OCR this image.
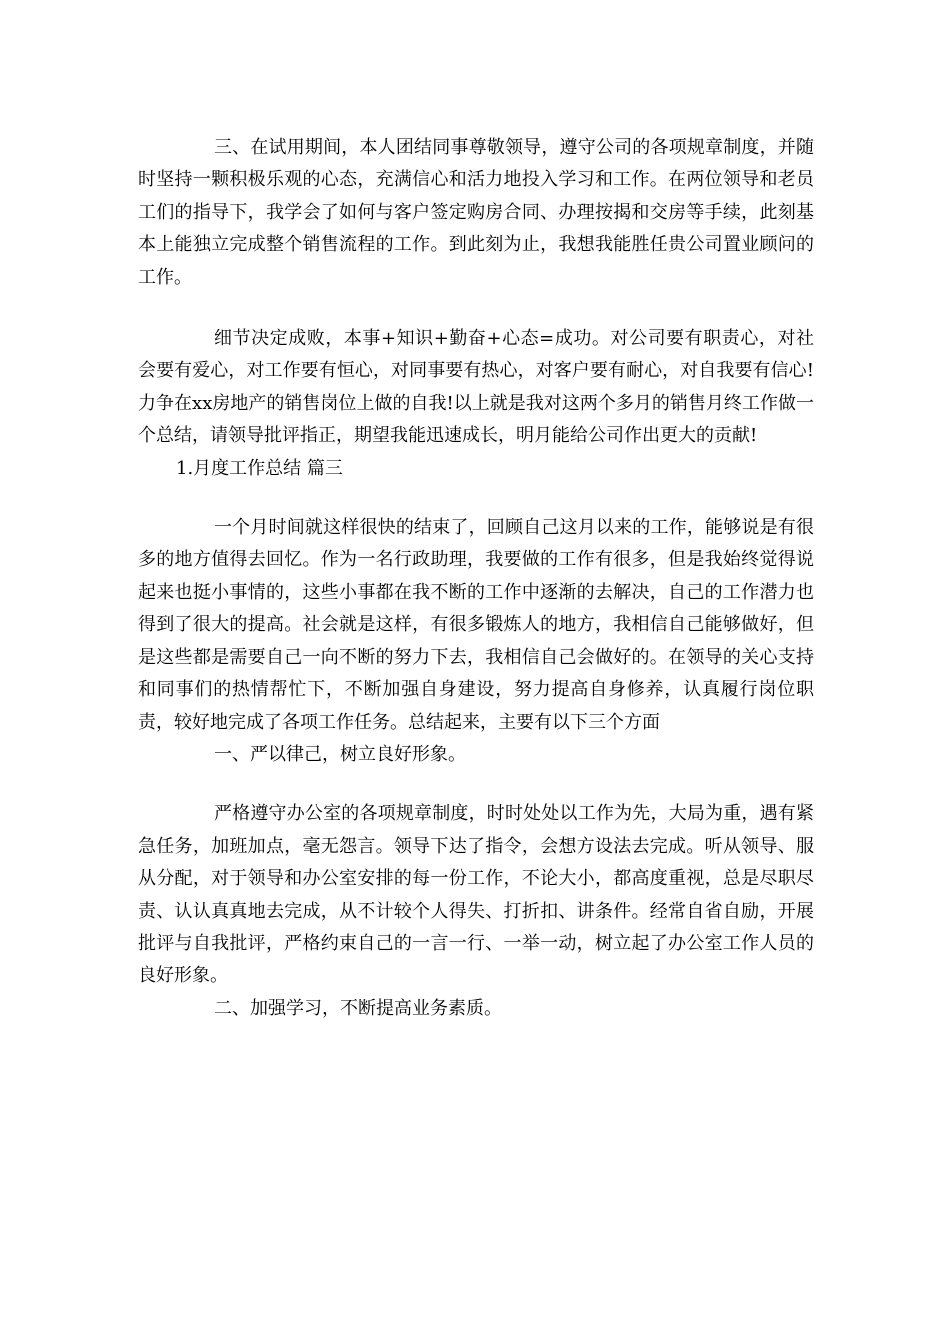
三、在试用期间，本人团结同事尊敬领导，遵守公司的各项规章制度，并随时坚持一颗积极乐观的心态，充满信心和活力地投入学习和工作。在两位领导和老员工们的指导下，我学会了如何与客户签定购房合同、办理按揭和交房等手续，此刻基本上能独立完成整个销售流程的工作。到此刻为止，我想我能胜任贵公司置业顾问的工作。

细节决定成败，本事+知识+勤奋+心态=成功。对公司要有职责心，对社会要有爱心，对工作要有恒心，对同事要有热心，对客户要有耐心，对自我要有信心!力争在xx房地产的销售岗位上做的自我!以上就是我对这两个多月的销售月终工作做一个总结，请领导批评指正，期望我能迅速成长，明月能给公司作出更大的贡献!

1.月度工作总结 篇三

一个月时间就这样很快的结束了，回顾自己这月以来的工作，能够说是有很多的地方值得去回忆。作为一名行政助理，我要做的工作有很多，但是我始终觉得说起来也挺小事情的，这些小事都在我不断的工作中逐渐的去解决，自己的工作潜力也得到了很大的提高。社会就是这样，有很多锻炼人的地方，我相信自己能够做好，但是这些都是需要自己一向不断的努力下去，我相信自己会做好的。在领导的关心支持和同事们的热情帮忙下，不断加强自身建设，努力提高自身修养，认真履行岗位职责，较好地完成了各项工作任务。总结起来，主要有以下三个方面

一、严以律己，树立良好形象。

严格遵守办公室的各项规章制度，时时处处以工作为先，大局为重，遇有紧急任务，加班加点，毫无怨言。领导下达了指令，会想方设法去完成。听从领导、服从分配，对于领导和办公室安排的每一份工作，不论大小，都高度重视，总是尽职尽责、认认真真地去完成，从不计较个人得失、打折扣、讲条件。经常自省自励，开展批评与自我批评，严格约束自己的一言一行、一举一动，树立起了办公室工作人员的良好形象。

二、加强学习，不断提高业务素质。
